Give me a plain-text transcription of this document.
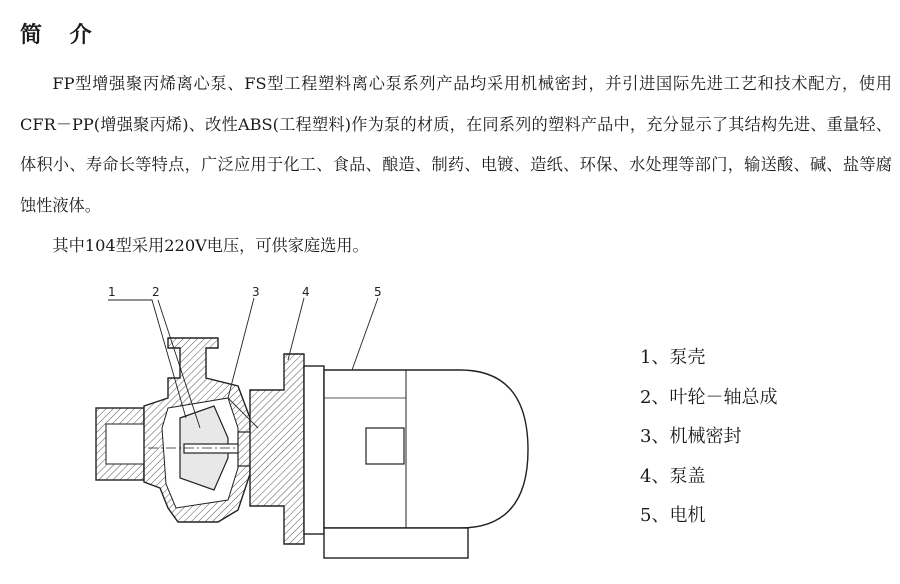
简 介

FP型增强聚丙烯离心泵、FS型工程塑料离心泵系列产品均采用机械密封，并引进国际先进工艺和技术配方，使用CFR－PP(增强聚丙烯)、改性ABS(工程塑料)作为泵的材质，在同系列的塑料产品中，充分显示了其结构先进、重量轻、体积小、寿命长等特点，广泛应用于化工、食品、酿造、制药、电镀、造纸、环保、水处理等部门，输送酸、碱、盐等腐蚀性液体。

其中104型采用220V电压，可供家庭选用。

1	2	3	4	5
1、泵壳
2、叶轮－轴总成
3、机械密封
4、泵盖
5、电机
